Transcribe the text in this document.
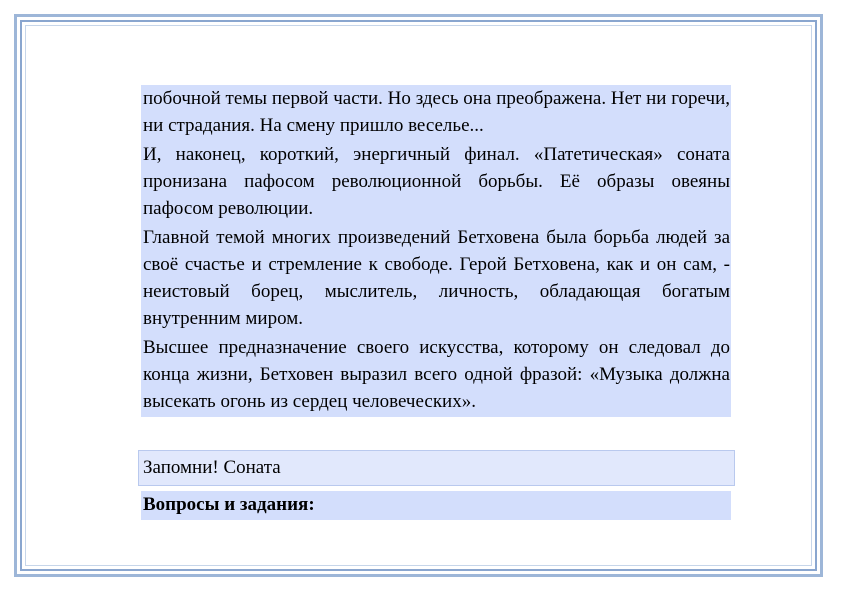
побочной темы первой части. Но здесь она преображена. Нет ни горечи, ни страдания. На смену пришло веселье...

И, наконец, короткий, энергичный финал. «Патетическая» соната пронизана пафосом революционной борьбы. Её образы овеяны пафосом революции.

Главной темой многих произведений Бетховена была борьба людей за своё счастье и стремление к свободе. Герой Бетховена, как и он сам, - неистовый борец, мыслитель, личность, обладающая богатым внутренним миром.

Высшее предназначение своего искусства, которому он следовал до конца жизни, Бетховен выразил всего одной фразой: «Музыка должна высекать огонь из сердец человеческих».

Запомни! Соната
Вопросы и задания:
